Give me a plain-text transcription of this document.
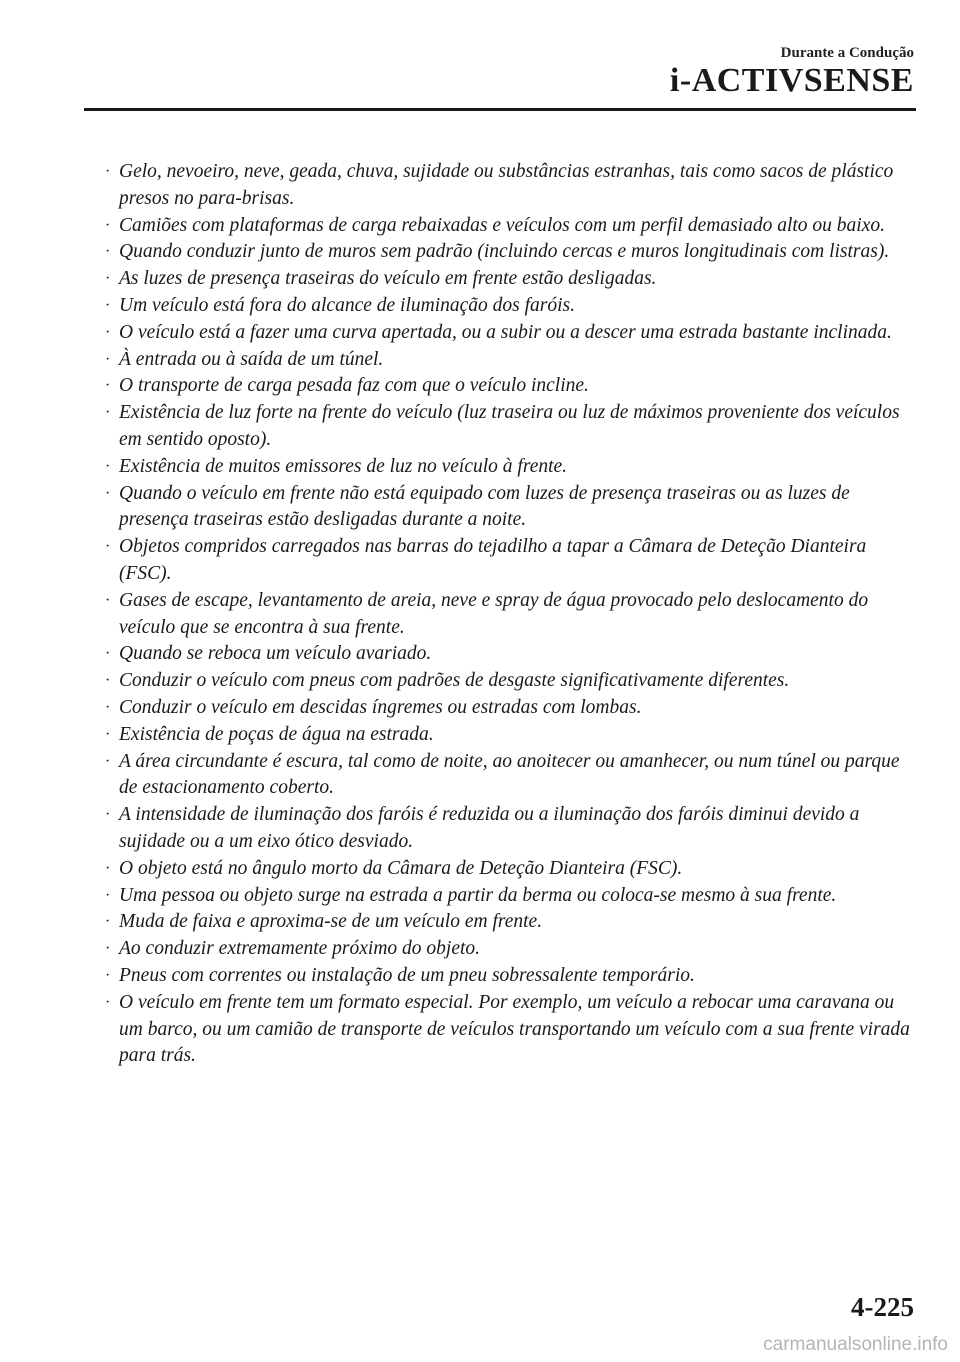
Durante a Condução
i-ACTIVSENSE
· Gelo, nevoeiro, neve, geada, chuva, sujidade ou substâncias estranhas, tais como sacos de plástico presos no para-brisas.
· Camiões com plataformas de carga rebaixadas e veículos com um perfil demasiado alto ou baixo.
· Quando conduzir junto de muros sem padrão (incluindo cercas e muros longitudinais com listras).
· As luzes de presença traseiras do veículo em frente estão desligadas.
· Um veículo está fora do alcance de iluminação dos faróis.
· O veículo está a fazer uma curva apertada, ou a subir ou a descer uma estrada bastante inclinada.
· À entrada ou à saída de um túnel.
· O transporte de carga pesada faz com que o veículo incline.
· Existência de luz forte na frente do veículo (luz traseira ou luz de máximos proveniente dos veículos em sentido oposto).
· Existência de muitos emissores de luz no veículo à frente.
· Quando o veículo em frente não está equipado com luzes de presença traseiras ou as luzes de presença traseiras estão desligadas durante a noite.
· Objetos compridos carregados nas barras do tejadilho a tapar a Câmara de Deteção Dianteira (FSC).
· Gases de escape, levantamento de areia, neve e spray de água provocado pelo deslocamento do veículo que se encontra à sua frente.
· Quando se reboca um veículo avariado.
· Conduzir o veículo com pneus com padrões de desgaste significativamente diferentes.
· Conduzir o veículo em descidas íngremes ou estradas com lombas.
· Existência de poças de água na estrada.
· A área circundante é escura, tal como de noite, ao anoitecer ou amanhecer, ou num túnel ou parque de estacionamento coberto.
· A intensidade de iluminação dos faróis é reduzida ou a iluminação dos faróis diminui devido a sujidade ou a um eixo ótico desviado.
· O objeto está no ângulo morto da Câmara de Deteção Dianteira (FSC).
· Uma pessoa ou objeto surge na estrada a partir da berma ou coloca-se mesmo à sua frente.
· Muda de faixa e aproxima-se de um veículo em frente.
· Ao conduzir extremamente próximo do objeto.
· Pneus com correntes ou instalação de um pneu sobressalente temporário.
· O veículo em frente tem um formato especial. Por exemplo, um veículo a rebocar uma caravana ou um barco, ou um camião de transporte de veículos transportando um veículo com a sua frente virada para trás.
4-225
carmanualsonline.info
